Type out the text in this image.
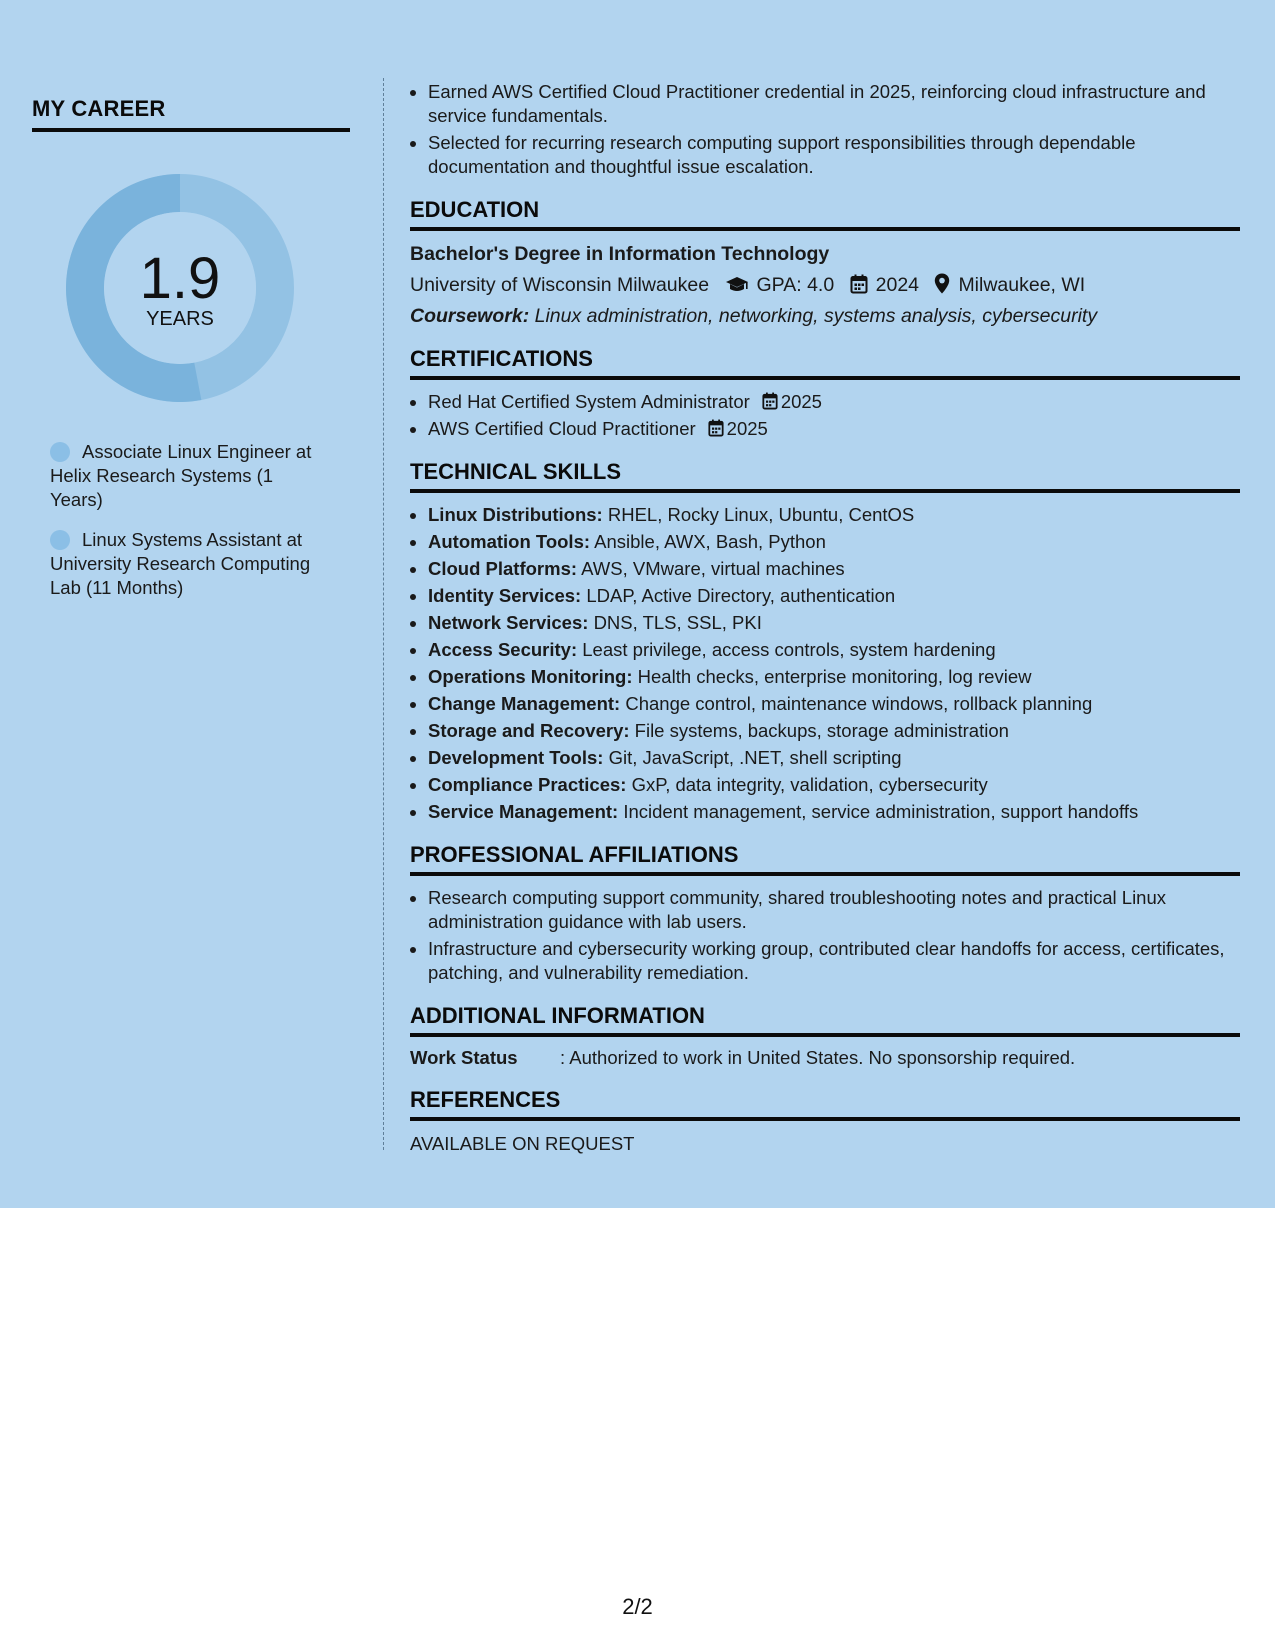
MY CAREER
1.9
YEARS
Associate Linux Engineer at Helix Research Systems (1 Years)
Linux Systems Assistant at University Research Computing Lab (11 Months)
• Earned AWS Certified Cloud Practitioner credential in 2025, reinforcing cloud infrastructure and service fundamentals.
• Selected for recurring research computing support responsibilities through dependable documentation and thoughtful issue escalation.
EDUCATION
Bachelor's Degree in Information Technology
University of Wisconsin Milwaukee GPA: 4.0 2024 Milwaukee, WI
Coursework: Linux administration, networking, systems analysis, cybersecurity
CERTIFICATIONS
• Red Hat Certified System Administrator 2025
• AWS Certified Cloud Practitioner 2025
TECHNICAL SKILLS
• Linux Distributions: RHEL, Rocky Linux, Ubuntu, CentOS
• Automation Tools: Ansible, AWX, Bash, Python
• Cloud Platforms: AWS, VMware, virtual machines
• Identity Services: LDAP, Active Directory, authentication
• Network Services: DNS, TLS, SSL, PKI
• Access Security: Least privilege, access controls, system hardening
• Operations Monitoring: Health checks, enterprise monitoring, log review
• Change Management: Change control, maintenance windows, rollback planning
• Storage and Recovery: File systems, backups, storage administration
• Development Tools: Git, JavaScript, .NET, shell scripting
• Compliance Practices: GxP, data integrity, validation, cybersecurity
• Service Management: Incident management, service administration, support handoffs
PROFESSIONAL AFFILIATIONS
• Research computing support community, shared troubleshooting notes and practical Linux administration guidance with lab users.
• Infrastructure and cybersecurity working group, contributed clear handoffs for access, certificates, patching, and vulnerability remediation.
ADDITIONAL INFORMATION
Work Status : Authorized to work in United States. No sponsorship required.
REFERENCES
AVAILABLE ON REQUEST
2/2
